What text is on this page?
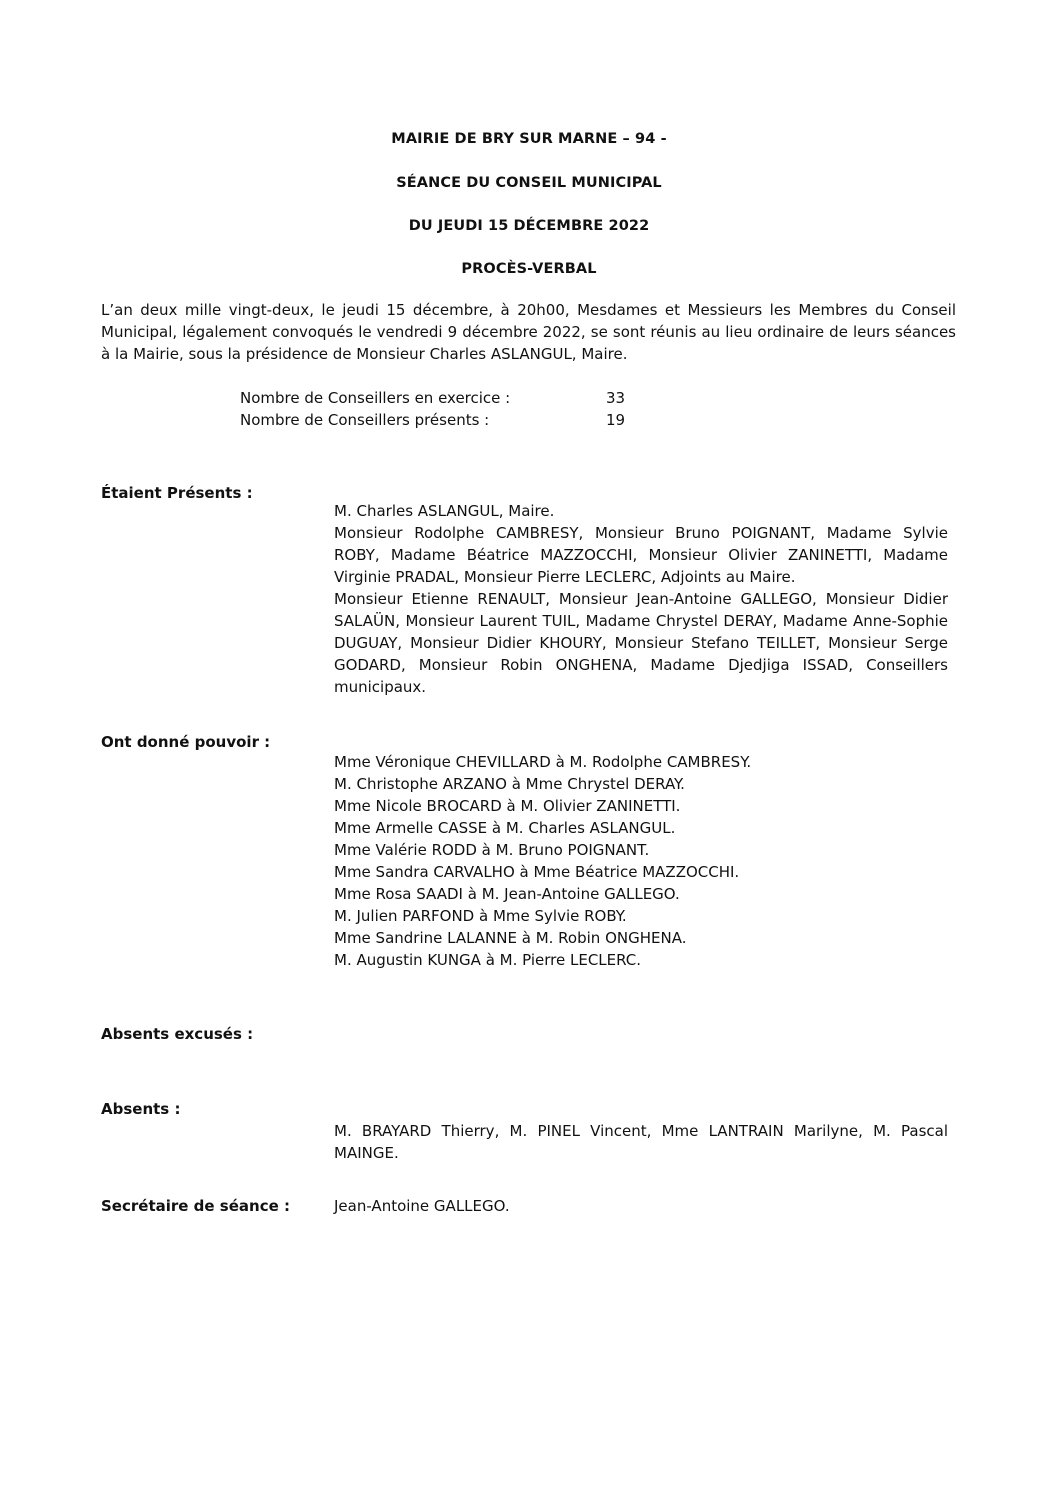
MAIRIE DE BRY SUR MARNE – 94 -
SÉANCE DU CONSEIL MUNICIPAL
DU JEUDI 15 DÉCEMBRE 2022
PROCÈS-VERBAL

L’an deux mille vingt-deux, le jeudi 15 décembre, à 20h00, Mesdames et Messieurs les Membres du Conseil Municipal, légalement convoqués le vendredi 9 décembre 2022, se sont réunis au lieu ordinaire de leurs séances à la Mairie, sous la présidence de Monsieur Charles ASLANGUL, Maire.

Nombre de Conseillers en exercice :	33
Nombre de Conseillers présents :	19
Étaient Présents :
M. Charles ASLANGUL, Maire.
Monsieur Rodolphe CAMBRESY, Monsieur Bruno POIGNANT, Madame Sylvie ROBY, Madame Béatrice MAZZOCCHI, Monsieur Olivier ZANINETTI, Madame Virginie PRADAL, Monsieur Pierre LECLERC, Adjoints au Maire.
Monsieur Etienne RENAULT, Monsieur Jean-Antoine GALLEGO, Monsieur Didier SALAÜN, Monsieur Laurent TUIL, Madame Chrystel DERAY, Madame Anne-Sophie DUGUAY, Monsieur Didier KHOURY, Monsieur Stefano TEILLET, Monsieur Serge GODARD, Monsieur Robin ONGHENA, Madame Djedjiga ISSAD, Conseillers municipaux.
Ont donné pouvoir :
Mme Véronique CHEVILLARD à M. Rodolphe CAMBRESY.
M. Christophe ARZANO à Mme Chrystel DERAY.
Mme Nicole BROCARD à M. Olivier ZANINETTI.
Mme Armelle CASSE à M. Charles ASLANGUL.
Mme Valérie RODD à M. Bruno POIGNANT.
Mme Sandra CARVALHO à Mme Béatrice MAZZOCCHI.
Mme Rosa SAADI à M. Jean-Antoine GALLEGO.
M. Julien PARFOND à Mme Sylvie ROBY.
Mme Sandrine LALANNE à M. Robin ONGHENA.
M. Augustin KUNGA à M. Pierre LECLERC.
Absents excusés :
Absents :
M. BRAYARD Thierry, M. PINEL Vincent, Mme LANTRAIN Marilyne, M. Pascal MAINGE.
Secrétaire de séance :	Jean-Antoine GALLEGO.
